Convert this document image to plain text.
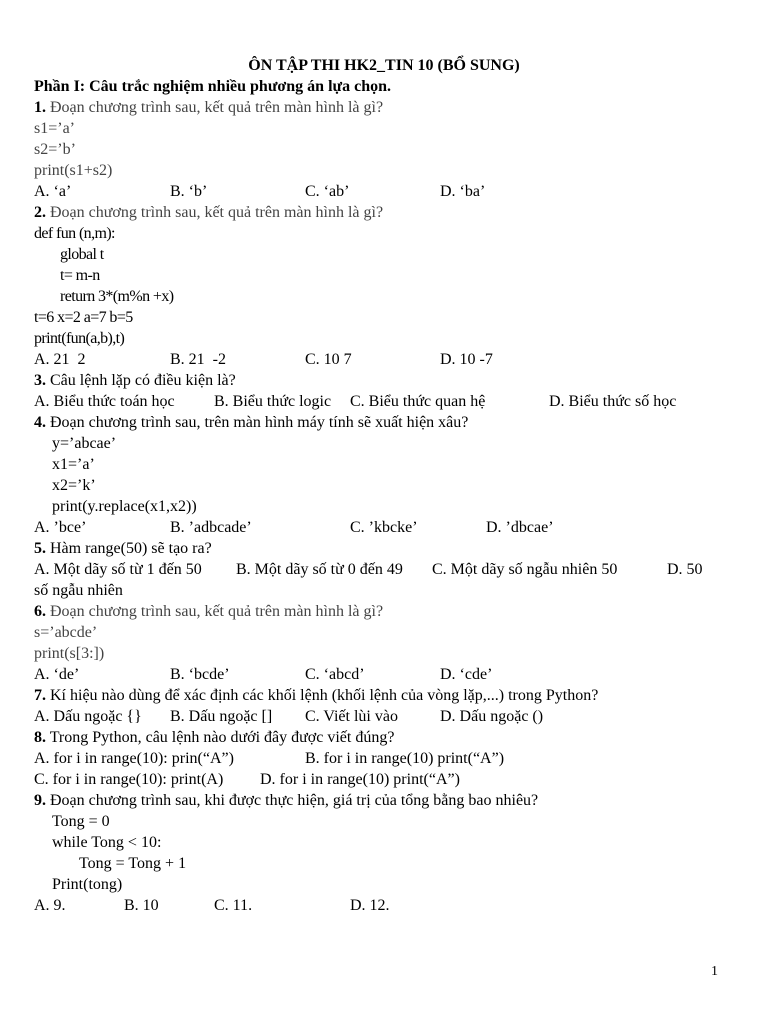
ÔN TẬP THI HK2_TIN 10 (BỔ SUNG)
Phần I: Câu trắc nghiệm nhiều phương án lựa chọn.
1. Đoạn chương trình sau, kết quả trên màn hình là gì?
s1=’a’
s2=’b’
print(s1+s2)
A. ‘a’	B. ‘b’	C. ‘ab’	D. ‘ba’
2. Đoạn chương trình sau, kết quả trên màn hình là gì?
def fun (n,m):
global t
t= m-n
return 3*(m%n +x)
t=6 x=2 a=7 b=5
print(fun(a,b),t)
A. 21  2	B. 21  -2	C. 10 7	D. 10 -7
3. Câu lệnh lặp có điều kiện là?
A. Biểu thức toán học B. Biểu thức logic C. Biểu thức quan hệ	D. Biểu thức số học
4. Đoạn chương trình sau, trên màn hình máy tính sẽ xuất hiện xâu?
y=’abcae’
x1=’a’
x2=’k’
print(y.replace(x1,x2))
A. ’bce’	B. ’adbcade’	C. ’kbcke’	D. ’dbcae’
5. Hàm range(50) sẽ tạo ra?
A. Một dãy số từ 1 đến 50 B. Một dãy số từ 0 đến 49 C. Một dãy số ngẫu nhiên 50	D. 50
số ngẫu nhiên
6. Đoạn chương trình sau, kết quả trên màn hình là gì?
s=’abcde’
print(s[3:])
A. ‘de’	B. ‘bcde’	C. ‘abcd’	D. ‘cde’
7. Kí hiệu nào dùng để xác định các khối lệnh (khối lệnh của vòng lặp,...) trong Python?
A. Dấu ngoặc {} B. Dấu ngoặc [] C. Viết lùi vào	D. Dấu ngoặc ()
8. Trong Python, câu lệnh nào dưới đây được viết đúng?
A. for i in range(10): prin(“A”)	B. for i in range(10) print(“A”)
C. for i in range(10): print(A) D. for i in range(10) print(“A”)
9. Đoạn chương trình sau, khi được thực hiện, giá trị của tổng bằng bao nhiêu?
Tong = 0
while Tong < 10:
Tong = Tong + 1
Print(tong)
A. 9.	B. 10	C. 11.	D. 12.
1
